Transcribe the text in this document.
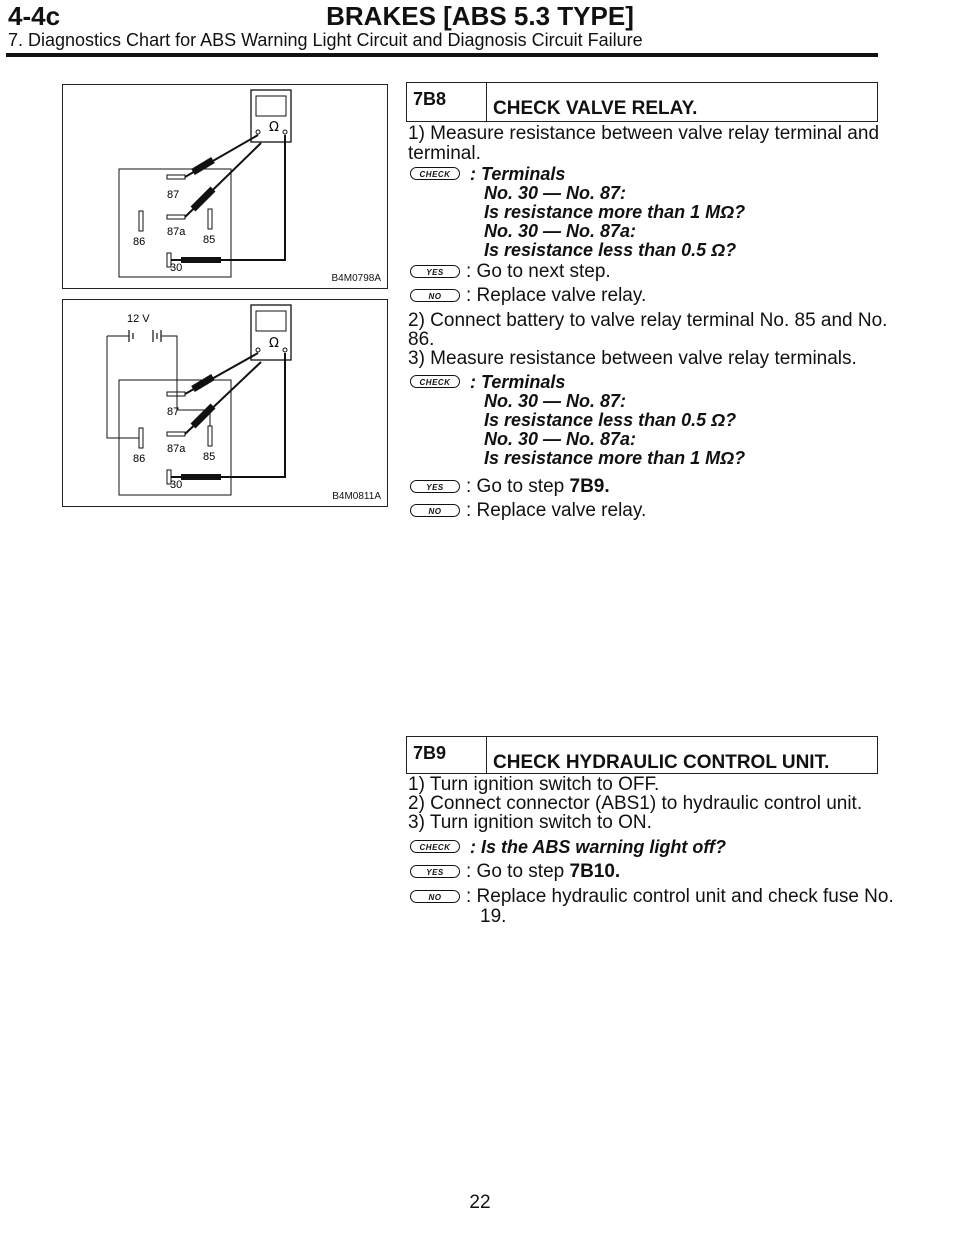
4-4c	BRAKES [ABS 5.3 TYPE]
7. Diagnostics Chart for ABS Warning Light Circuit and Diagnosis Circuit Failure
Ω
87
86
87a
85
30
B4M0798A
12 V
Ω
87
86
87a
85
30
B4M0811A
7B8	CHECK VALVE RELAY.
1) Measure resistance between valve relay terminal and
terminal.
CHECK	: Terminals
No. 30 — No. 87:
Is resistance more than 1 MΩ?
No. 30 — No. 87a:
Is resistance less than 0.5 Ω?
YES	: Go to next step.
NO	: Replace valve relay.
2) Connect battery to valve relay terminal No. 85 and No.
86.
3) Measure resistance between valve relay terminals.
CHECK	: Terminals
No. 30 — No. 87:
Is resistance less than 0.5 Ω?
No. 30 — No. 87a:
Is resistance more than 1 MΩ?
YES	: Go to step 7B9.
NO	: Replace valve relay.
7B9	CHECK HYDRAULIC CONTROL UNIT.
1) Turn ignition switch to OFF.
2) Connect connector (ABS1) to hydraulic control unit.
3) Turn ignition switch to ON.
CHECK	: Is the ABS warning light off?
YES	: Go to step 7B10.
NO	: Replace hydraulic control unit and check fuse No.
19.
22
